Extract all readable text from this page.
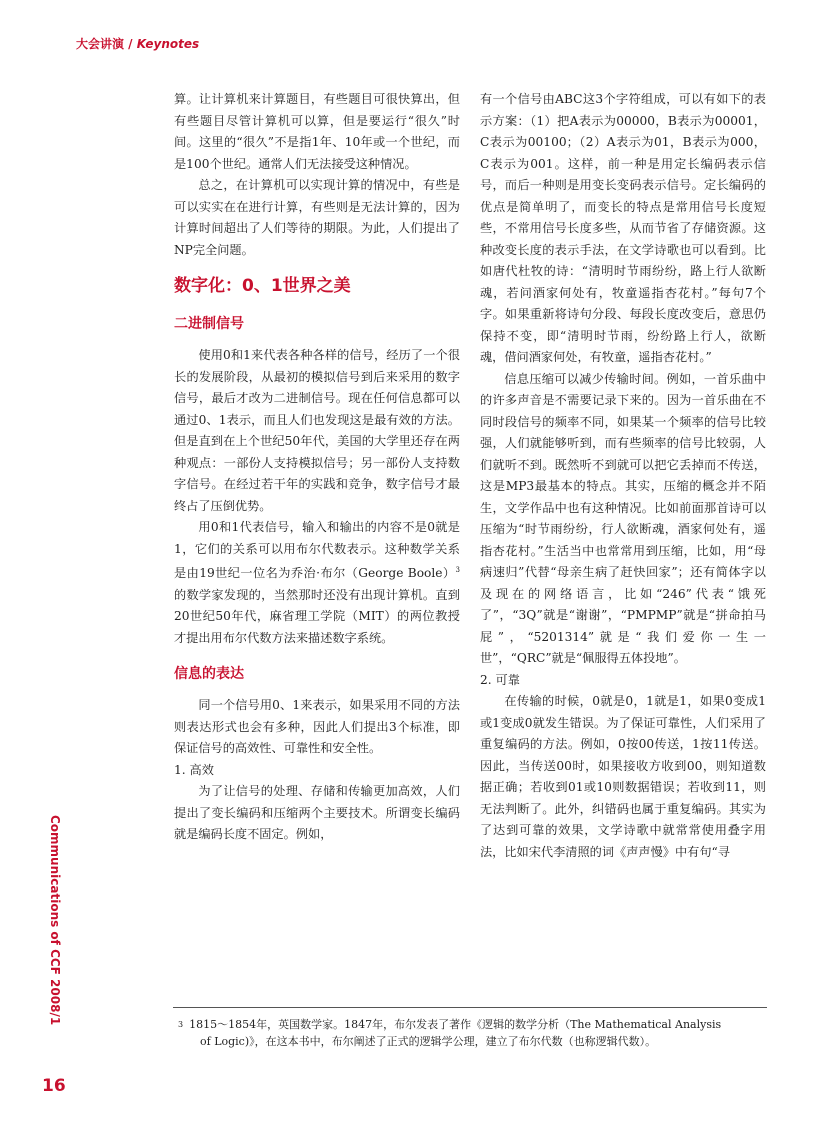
大会讲演 / Keynotes
Communications of CCF 2008/1
16

算。让计算机来计算题目，有些题目可很快算出，但有些题目尽管计算机可以算，但是要运行“很久”时间。这里的“很久”不是指1年、10年或一个世纪，而是100个世纪。通常人们无法接受这种情况。

总之，在计算机可以实现计算的情况中，有些是可以实实在在进行计算，有些则是无法计算的，因为计算时间超出了人们等待的期限。为此，人们提出了NP完全问题。

数字化：0、1世界之美
二进制信号

使用0和1来代表各种各样的信号，经历了一个很长的发展阶段，从最初的模拟信号到后来采用的数字信号，最后才改为二进制信号。现在任何信息都可以通过0、1表示，而且人们也发现这是最有效的方法。但是直到在上个世纪50年代，美国的大学里还存在两种观点：一部份人支持模拟信号；另一部份人支持数字信号。在经过若干年的实践和竞争，数字信号才最终占了压倒优势。

用0和1代表信号，输入和输出的内容不是0就是1，它们的关系可以用布尔代数表示。这种数学关系是由19世纪一位名为乔治·布尔（George Boole）$^3$的数学家发现的，当然那时还没有出现计算机。直到20世纪50年代，麻省理工学院（MIT）的两位教授才提出用布尔代数方法来描述数字系统。

信息的表达

同一个信号用0、1来表示，如果采用不同的方法则表达形式也会有多种，因此人们提出3个标准，即保证信号的高效性、可靠性和安全性。

1. 高效

为了让信号的处理、存储和传输更加高效，人们提出了变长编码和压缩两个主要技术。所谓变长编码就是编码长度不固定。例如，

有一个信号由ABC这3个字符组成，可以有如下的表示方案：（1）把A表示为00000，B表示为00001，C表示为00100；（2）A表示为01，B表示为000，C表示为001。这样，前一种是用定长编码表示信号，而后一种则是用变长变码表示信号。定长编码的优点是简单明了，而变长的特点是常用信号长度短些，不常用信号长度多些，从而节省了存储资源。这种改变长度的表示手法，在文学诗歌也可以看到。比如唐代杜牧的诗：“清明时节雨纷纷，路上行人欲断魂，若问酒家何处有，牧童遥指杏花村。”每句7个字。如果重新将诗句分段、每段长度改变后，意思仍保持不变，即“清明时节雨，纷纷路上行人，欲断魂，借问酒家何处，有牧童，遥指杏花村。”

信息压缩可以减少传输时间。例如，一首乐曲中的许多声音是不需要记录下来的。因为一首乐曲在不同时段信号的频率不同，如果某一个频率的信号比较强，人们就能够听到，而有些频率的信号比较弱，人们就听不到。既然听不到就可以把它丢掉而不传送，这是MP3最基本的特点。其实，压缩的概念并不陌生，文学作品中也有这种情况。比如前面那首诗可以压缩为“时节雨纷纷，行人欲断魂，酒家何处有，遥指杏花村。”生活当中也常常用到压缩，比如，用“母病速归”代替“母亲生病了赶快回家”；还有简体字以及现在的网络语言，比如“246”代表“饿死了”，“3Q”就是“谢谢”，“PMPMP”就是“拼命拍马屁”，“5201314”就是“我们爱你一生一世”，“QRC”就是“佩服得五体投地”。

2. 可靠

在传输的时候，0就是0，1就是1，如果0变成1或1变成0就发生错误。为了保证可靠性，人们采用了重复编码的方法。例如，0按00传送，1按11传送。因此，当传送00时，如果接收方收到00，则知道数据正确；若收到01或10则数据错误；若收到11，则无法判断了。此外，纠错码也属于重复编码。其实为了达到可靠的效果，文学诗歌中就常常使用叠字用法，比如宋代李清照的词《声声慢》中有句“寻

$^3$ 1815～1854年，英国数学家。1847年，布尔发表了著作《逻辑的数学分析（The Mathematical Analysis
of Logic)》，在这本书中，布尔阐述了正式的逻辑学公理，建立了布尔代数（也称逻辑代数）。
